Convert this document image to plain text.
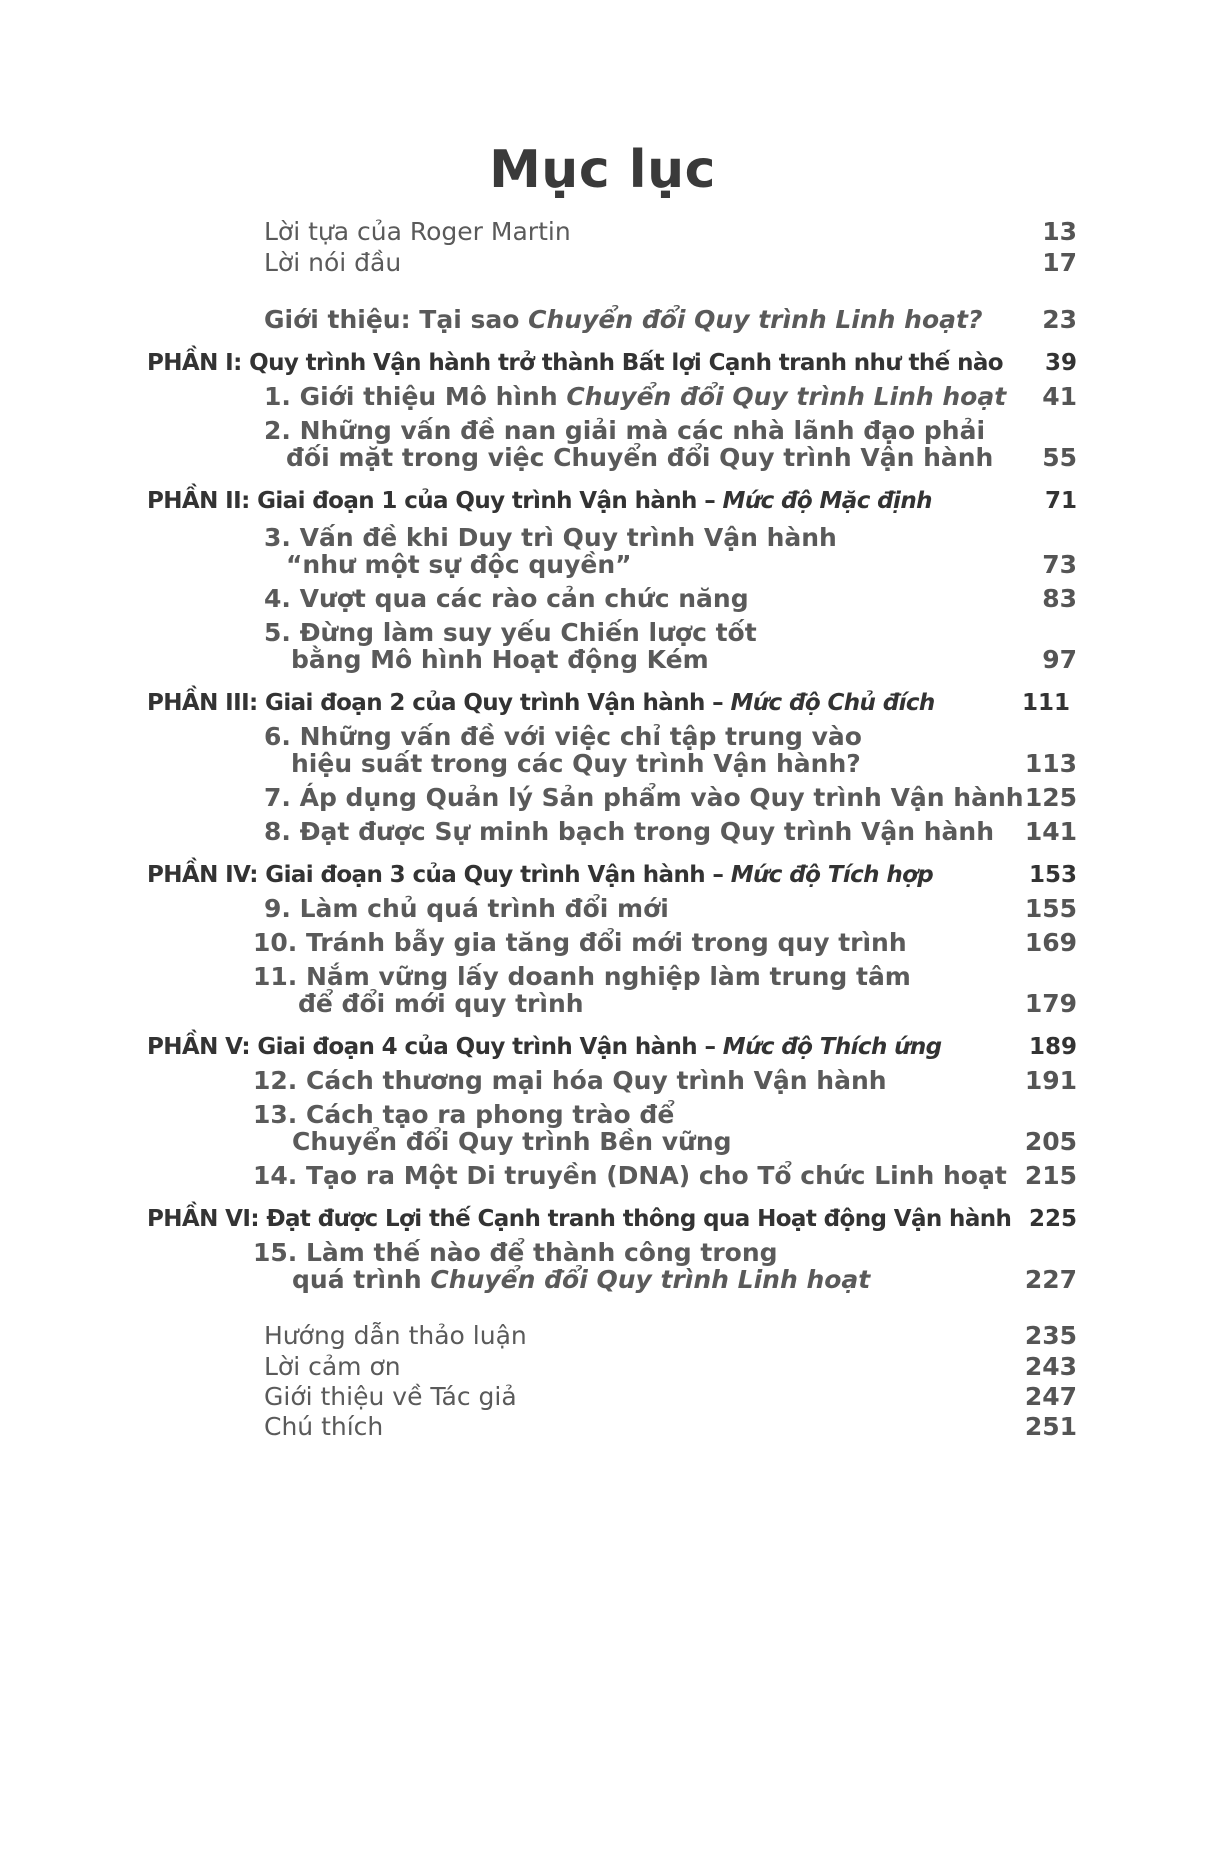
Mục lục
Lời tựa của Roger Martin	13
Lời nói đầu	17
Giới thiệu: Tại sao Chuyển đổi Quy trình Linh hoạt? 23
PHẦN I: Quy trình Vận hành trở thành Bất lợi Cạnh tranh như thế nào 39
1. Giới thiệu Mô hình Chuyển đổi Quy trình Linh hoạt 41
2. Những vấn đề nan giải mà các nhà lãnh đạo phải
đối mặt trong việc Chuyển đổi Quy trình Vận hành 55
PHẦN II: Giai đoạn 1 của Quy trình Vận hành – Mức độ Mặc định	71
3. Vấn đề khi Duy trì Quy trình Vận hành
“như một sự độc quyền”	73
4. Vượt qua các rào cản chức năng	83
5. Đừng làm suy yếu Chiến lược tốt
bằng Mô hình Hoạt động Kém	97
PHẦN III: Giai đoạn 2 của Quy trình Vận hành – Mức độ Chủ đích	111
6. Những vấn đề với việc chỉ tập trung vào
hiệu suất trong các Quy trình Vận hành?	113
7. Áp dụng Quản lý Sản phẩm vào Quy trình Vận hành 125
8. Đạt được Sự minh bạch trong Quy trình Vận hành 141
PHẦN IV: Giai đoạn 3 của Quy trình Vận hành – Mức độ Tích hợp	153
9. Làm chủ quá trình đổi mới	155
10. Tránh bẫy gia tăng đổi mới trong quy trình	169
11. Nắm vững lấy doanh nghiệp làm trung tâm
để đổi mới quy trình	179
PHẦN V: Giai đoạn 4 của Quy trình Vận hành – Mức độ Thích ứng	189
12. Cách thương mại hóa Quy trình Vận hành	191
13. Cách tạo ra phong trào để
Chuyển đổi Quy trình Bền vững	205
14. Tạo ra Một Di truyền (DNA) cho Tổ chức Linh hoạt 215
PHẦN VI: Đạt được Lợi thế Cạnh tranh thông qua Hoạt động Vận hành 225
15. Làm thế nào để thành công trong
quá trình Chuyển đổi Quy trình Linh hoạt	227
Hướng dẫn thảo luận	235
Lời cảm ơn	243
Giới thiệu về Tác giả	247
Chú thích	251
